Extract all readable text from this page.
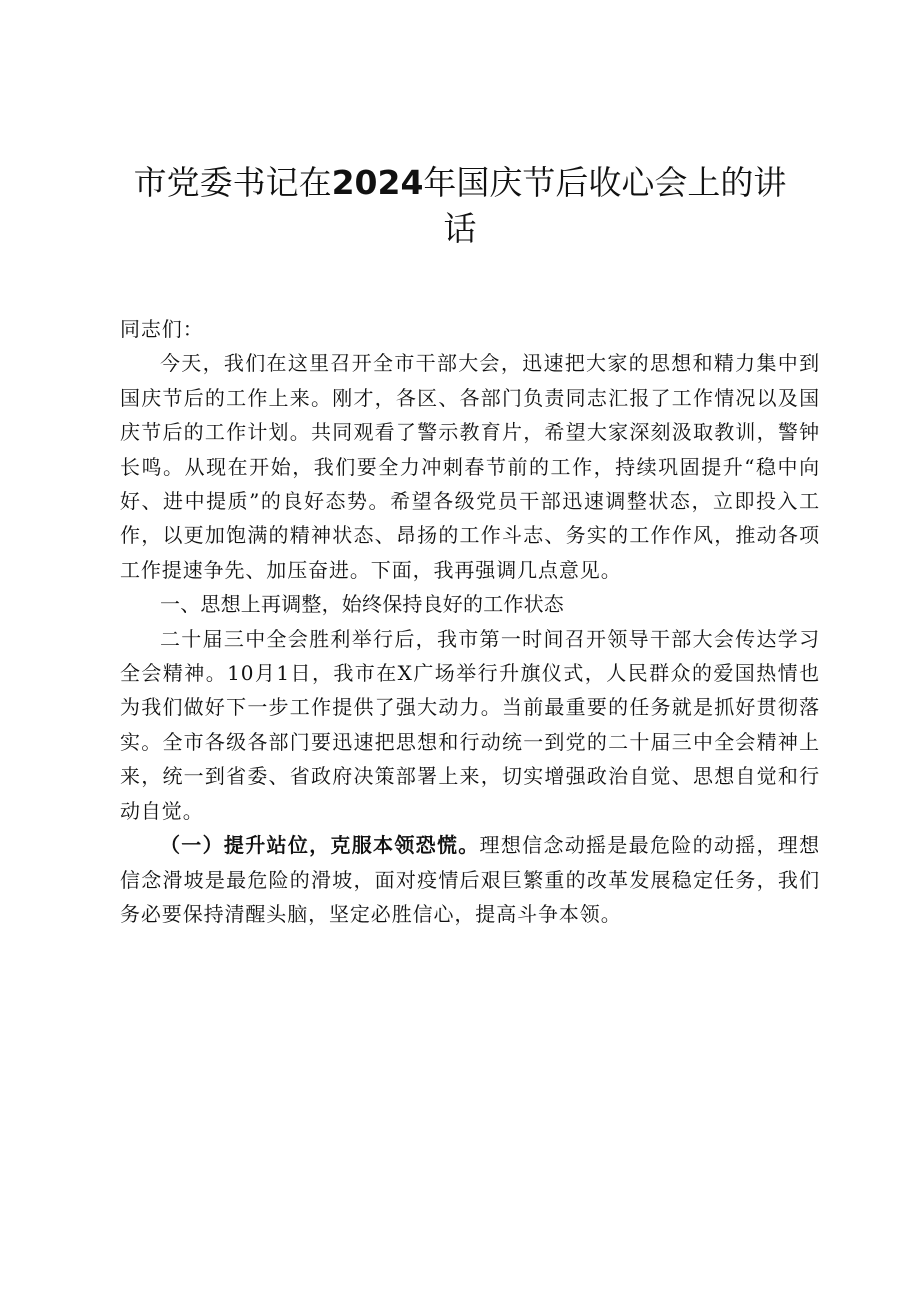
市党委书记在2024年国庆节后收心会上的讲话

同志们：

今天，我们在这里召开全市干部大会，迅速把大家的思想和精力集中到国庆节后的工作上来。刚才，各区、各部门负责同志汇报了工作情况以及国庆节后的工作计划。共同观看了警示教育片，希望大家深刻汲取教训，警钟长鸣。从现在开始，我们要全力冲刺春节前的工作，持续巩固提升“稳中向好、进中提质”的良好态势。希望各级党员干部迅速调整状态，立即投入工作，以更加饱满的精神状态、昂扬的工作斗志、务实的工作作风，推动各项工作提速争先、加压奋进。下面，我再强调几点意见。

一、思想上再调整，始终保持良好的工作状态

二十届三中全会胜利举行后，我市第一时间召开领导干部大会传达学习全会精神。10月1日，我市在X广场举行升旗仪式，人民群众的爱国热情也为我们做好下一步工作提供了强大动力。当前最重要的任务就是抓好贯彻落实。全市各级各部门要迅速把思想和行动统一到党的二十届三中全会精神上来，统一到省委、省政府决策部署上来，切实增强政治自觉、思想自觉和行动自觉。

（一）提升站位，克服本领恐慌。理想信念动摇是最危险的动摇，理想信念滑坡是最危险的滑坡，面对疫情后艰巨繁重的改革发展稳定任务，我们务必要保持清醒头脑，坚定必胜信心，提高斗争本领。
